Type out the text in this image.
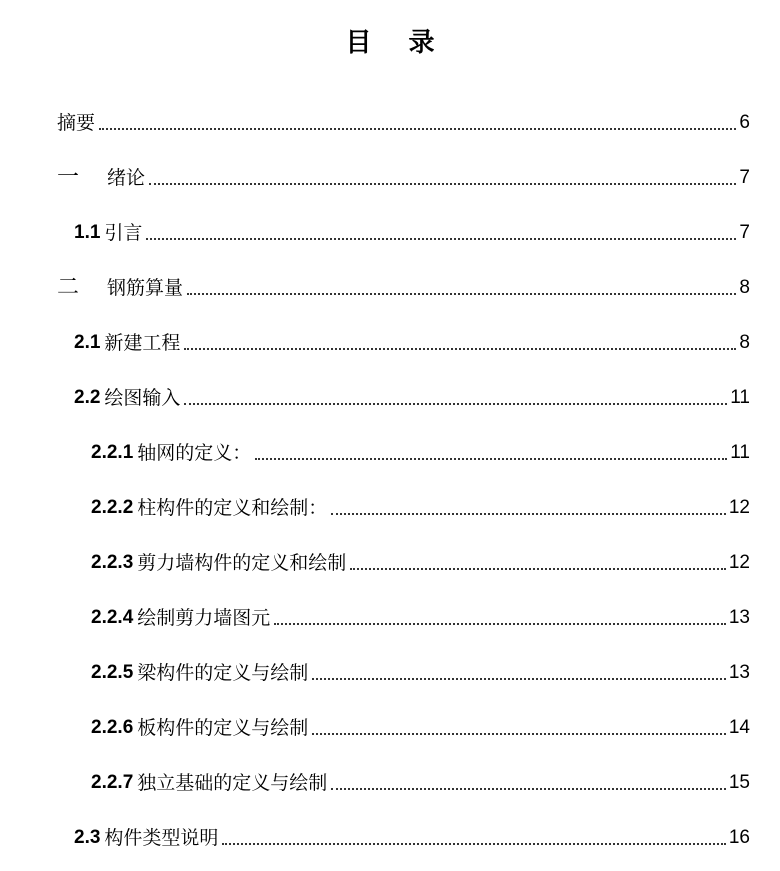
目 录
摘要	6
一 绪论	7
1.1 引言	7
二 钢筋算量	8
2.1 新建工程	8
2.2 绘图输入	11
2.2.1 轴网的定义：	11
2.2.2 柱构件的定义和绘制：	12
2.2.3 剪力墙构件的定义和绘制	12
2.2.4 绘制剪力墙图元	13
2.2.5 梁构件的定义与绘制	13
2.2.6 板构件的定义与绘制	14
2.2.7 独立基础的定义与绘制	15
2.3 构件类型说明	16
